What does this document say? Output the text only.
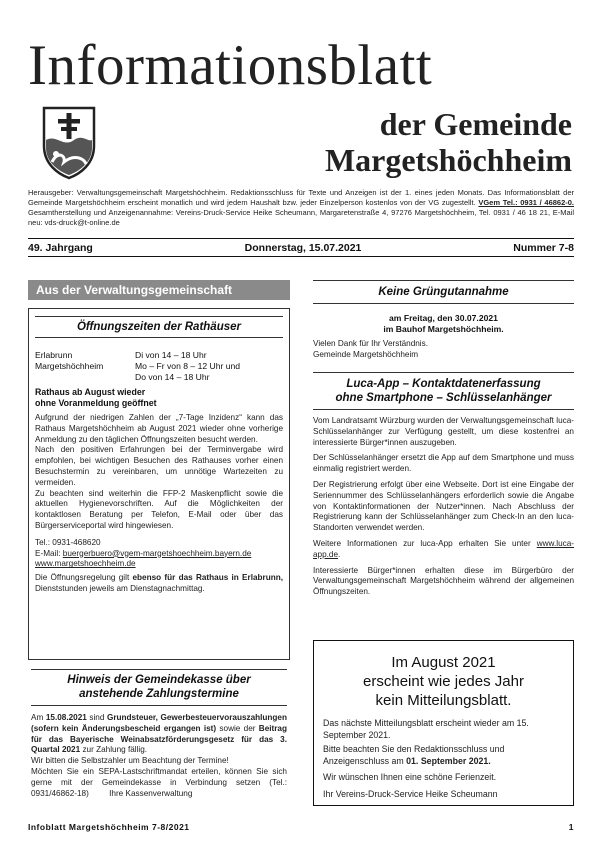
Informationsblatt
der Gemeinde
Margetshöchheim
Herausgeber: Verwaltungsgemeinschaft Margetshöchheim. Redaktionsschluss für Texte und Anzeigen ist der 1. eines jeden Monats. Das Informationsblatt der Gemeinde Margetshöchheim erscheint monatlich und wird jedem Haushalt bzw. jeder Einzelperson kostenlos von der VG zugestellt. VGem Tel.: 0931 / 46862-0. Gesamtherstellung und Anzeigenannahme: Vereins-Druck-Service Heike Scheumann, Margaretenstraße 4, 97276 Margetshöchheim, Tel. 0931 / 46 18 21, E-Mail neu: vds-druck@t-online.de
49. Jahrgang	Donnerstag, 15.07.2021	Nummer 7-8
Aus der Verwaltungsgemeinschaft
Öffnungszeiten der Rathäuser
Erlabrunn	Di von 14 – 18 Uhr
Margetshöchheim	Mo – Fr von 8 – 12 Uhr und
	Do von 14 – 18 Uhr
Rathaus ab August wieder
ohne Voranmeldung geöffnet
Aufgrund der niedrigen Zahlen der „7-Tage Inzidenz“ kann das Rathaus Margetshöchheim ab August 2021 wieder ohne vorherige Anmeldung zu den täglichen Öffnungszeiten besucht werden.
Nach den positiven Erfahrungen bei der Terminvergabe wird empfohlen, bei wichtigen Besuchen des Rathauses vorher einen Besuchstermin zu vereinbaren, um unnötige Wartezeiten zu vermeiden.
Zu beachten sind weiterhin die FFP-2 Maskenpflicht sowie die aktuellen Hygienevorschriften. Auf die Möglichkeiten der kontaktlosen Beratung per Telefon, E-Mail oder über das Bürgerserviceportal wird hingewiesen.
Tel.: 0931-468620
E-Mail: buergerbuero@vgem-margetshoechheim.bayern.de
www.margetshoechheim.de
Die Öffnungsregelung gilt ebenso für das Rathaus in Erlabrunn, Dienststunden jeweils am Dienstagnachmittag.
Hinweis der Gemeindekasse über
anstehende Zahlungstermine
Am 15.08.2021 sind Grundsteuer, Gewerbesteuervorauszahlungen (sofern kein Änderungsbescheid ergangen ist) sowie der Beitrag für das Bayerische Weinabsatzförderungsgesetz für das 3. Quartal 2021 zur Zahlung fällig.
Wir bitten die Selbstzahler um Beachtung der Termine!
Möchten Sie ein SEPA-Lastschriftmandat erteilen, können Sie sich gerne mit der Gemeindekasse in Verbindung setzen (Tel.: 0931/46862-18) Ihre Kassenverwaltung
Keine Grüngutannahme
am Freitag, den 30.07.2021
im Bauhof Margetshöchheim.
Vielen Dank für Ihr Verständnis.
Gemeinde Margetshöchheim
Luca-App – Kontaktdatenerfassung
ohne Smartphone – Schlüsselanhänger
Vom Landratsamt Würzburg wurden der Verwaltungsgemeinschaft luca-Schlüsselanhänger zur Verfügung gestellt, um diese kostenfrei an interessierte Bürger*innen auszugeben.
Der Schlüsselanhänger ersetzt die App auf dem Smartphone und muss einmalig registriert werden.
Der Registrierung erfolgt über eine Webseite. Dort ist eine Eingabe der Seriennummer des Schlüsselanhängers erforderlich sowie die Angabe von Kontaktinformationen der Nutzer*innen. Nach Abschluss der Registrierung kann der Schlüsselanhänger zum Check-In an den luca-Standorten verwendet werden.
Weitere Informationen zur luca-App erhalten Sie unter www.luca-app.de.
Interessierte Bürger*innen erhalten diese im Bürgerbüro der Verwaltungsgemeinschaft Margetshöchheim während der allgemeinen Öffnungszeiten.
Im August 2021
erscheint wie jedes Jahr
kein Mitteilungsblatt.
Das nächste Mitteilungsblatt erscheint wieder am 15. September 2021.
Bitte beachten Sie den Redaktionsschluss und Anzeigenschluss am 01. September 2021.
Wir wünschen Ihnen eine schöne Ferienzeit.
Ihr Vereins-Druck-Service Heike Scheumann
Infoblatt Margetshöchheim 7-8/2021	1
